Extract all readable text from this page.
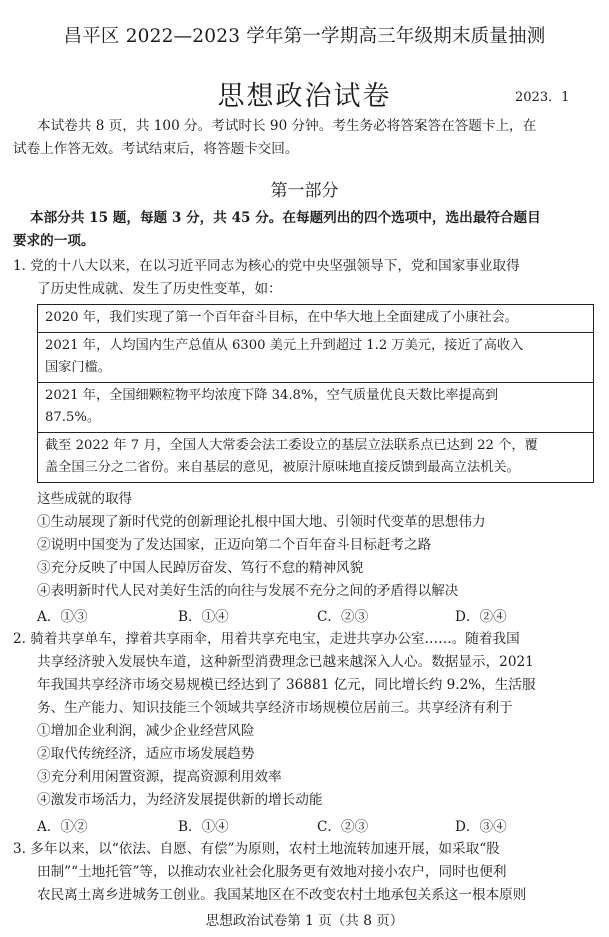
昌平区 2022—2023 学年第一学期高三年级期末质量抽测
思想政治试卷	2023．1
本试卷共 8 页，共 100 分。考试时长 90 分钟。考生务必将答案答在答题卡上，在
试卷上作答无效。考试结束后，将答题卡交回。
第一部分
本部分共 15 题，每题 3 分，共 45 分。在每题列出的四个选项中，选出最符合题目
要求的一项。
1. 党的十八大以来，在以习近平同志为核心的党中央坚强领导下，党和国家事业取得
了历史性成就、发生了历史性变革，如：
2020 年，我们实现了第一个百年奋斗目标，在中华大地上全面建成了小康社会。
2021 年，人均国内生产总值从 6300 美元上升到超过 1.2 万美元，接近了高收入
国家门槛。
2021 年，全国细颗粒物平均浓度下降 34.8%，空气质量优良天数比率提高到
87.5%。
截至 2022 年 7 月，全国人大常委会法工委设立的基层立法联系点已达到 22 个，覆
盖全国三分之二省份。来自基层的意见，被原汁原味地直接反馈到最高立法机关。
这些成就的取得
①生动展现了新时代党的创新理论扎根中国大地、引领时代变革的思想伟力
②说明中国变为了发达国家，正迈向第二个百年奋斗目标赶考之路
③充分反映了中国人民踔厉奋发、笃行不怠的精神风貌
④表明新时代人民对美好生活的向往与发展不充分之间的矛盾得以解决
A．①③	B．①④	C．②③	D．②④
2. 骑着共享单车，撑着共享雨伞，用着共享充电宝，走进共享办公室……。随着我国
共享经济驶入发展快车道，这种新型消费理念已越来越深入人心。数据显示，2021
年我国共享经济市场交易规模已经达到了 36881 亿元，同比增长约 9.2%，生活服
务、生产能力、知识技能三个领域共享经济市场规模位居前三。共享经济有利于
①增加企业利润，减少企业经营风险
②取代传统经济，适应市场发展趋势
③充分利用闲置资源，提高资源利用效率
④激发市场活力，为经济发展提供新的增长动能
A．①②	B．①④	C．②③	D．③④
3. 多年以来，以“依法、自愿、有偿”为原则，农村土地流转加速开展，如采取“股
田制”“土地托管”等，以推动农业社会化服务更有效地对接小农户，同时也便利
农民离土离乡进城务工创业。我国某地区在不改变农村土地承包关系这一根本原则
思想政治试卷第 1 页（共 8 页）
